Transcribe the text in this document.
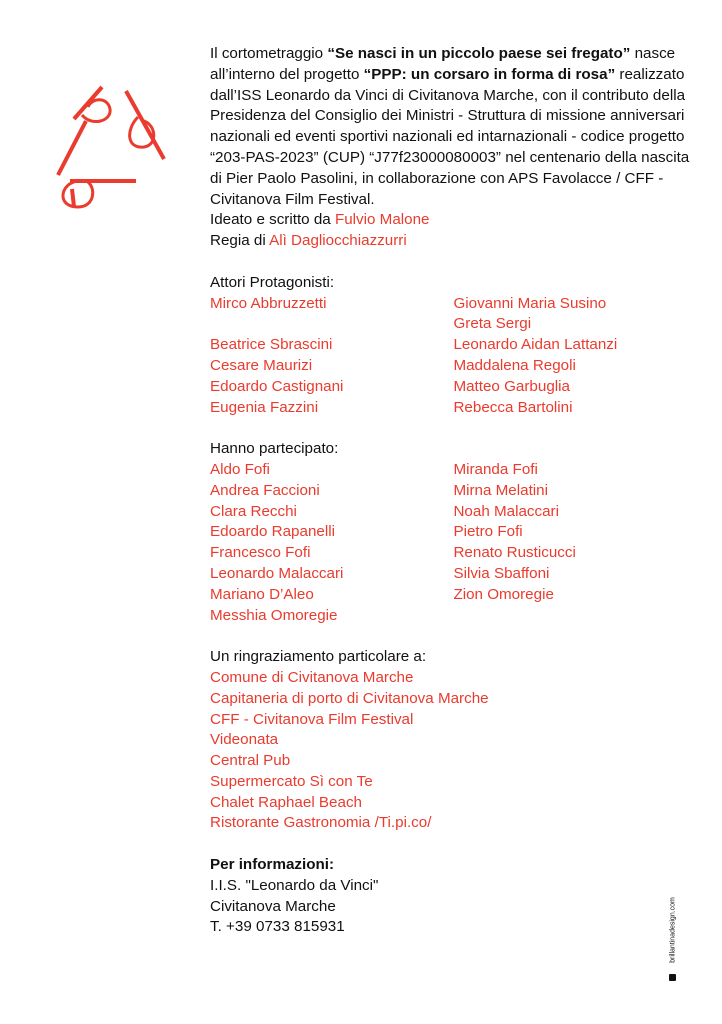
Il cortometraggio “Se nasci in un piccolo paese sei fregato” nasce all’interno del progetto “PPP: un corsaro in forma di rosa” realizzato dall’ISS Leonardo da Vinci di Civitanova Marche, con il contributo della Presidenza del Consiglio dei Ministri - Struttura di missione anniversari nazionali ed eventi sportivi nazionali ed intarnazionali - codice progetto “203-PAS-2023” (CUP) “J77f23000080003” nel centenario della nascita di Pier Paolo Pasolini, in collaborazione con APS Favolacce / CFF - Civitanova Film Festival.

Ideato e scritto da Fulvio Malone

Regia di Alì Dagliocchiazzurri

Attori Protagonisti:

Mirco Abbruzzetti

Beatrice Sbrascini

Cesare Maurizi

Edoardo Castignani

Eugenia Fazzini

Giovanni Maria Susino

Greta Sergi

Leonardo Aidan Lattanzi

Maddalena Regoli

Matteo Garbuglia

Rebecca Bartolini

Hanno partecipato:

Aldo Fofi

Andrea Faccioni

Clara Recchi

Edoardo Rapanelli

Francesco Fofi

Leonardo Malaccari

Mariano D’Aleo

Messhia Omoregie

Miranda Fofi

Mirna Melatini

Noah Malaccari

Pietro Fofi

Renato Rusticucci

Silvia Sbaffoni

Zion Omoregie

Un ringraziamento particolare a:

Comune di Civitanova Marche

Capitaneria di porto di Civitanova Marche

CFF - Civitanova Film Festival

Videonata

Central Pub

Supermercato Sì con Te

Chalet Raphael Beach

Ristorante Gastronomia /Ti.pi.co/

Per informazioni:

I.I.S. "Leonardo da Vinci"

Civitanova Marche

T. +39 0733 815931	brillantinadesign.com
